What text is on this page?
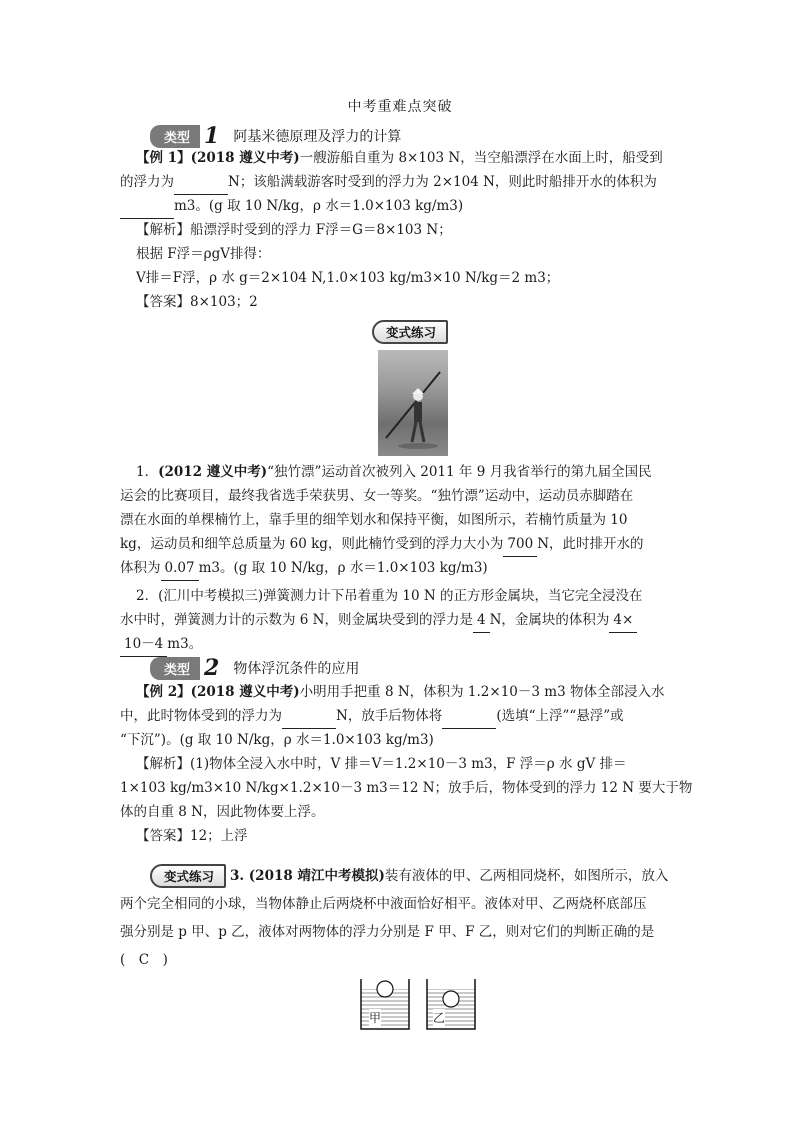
中考重难点突破
类型 1 阿基米德原理及浮力的计算
【例 1】(2018 遵义中考)一艘游船自重为 8×103 N，当空船漂浮在水面上时，船受到
的浮力为	N；该船满载游客时受到的浮力为 2×104 N，则此时船排开水的体积为
m3。(g 取 10 N/kg，ρ 水＝1.0×103 kg/m3)
【解析】船漂浮时受到的浮力 F浮＝G＝8×103 N；
根据 F浮＝ρgV排得：
V排＝F浮，ρ 水 g＝2×104 N,1.0×103 kg/m3×10 N/kg＝2 m3；
【答案】8×103；2
变式练习
1．(2012 遵义中考)“独竹漂”运动首次被列入 2011 年 9 月我省举行的第九届全国民
运会的比赛项目，最终我省选手荣获男、女一等奖。“独竹漂”运动中，运动员赤脚踏在
漂在水面的单棵楠竹上，靠手里的细竿划水和保持平衡，如图所示，若楠竹质量为 10
kg，运动员和细竿总质量为 60 kg，则此楠竹受到的浮力大小为 700 N，此时排开水的
体积为 0.07 m3。(g 取 10 N/kg，ρ 水＝1.0×103 kg/m3)
2．(汇川中考模拟三)弹簧测力计下吊着重为 10 N 的正方形金属块，当它完全浸没在
水中时，弹簧测力计的示数为 6 N，则金属块受到的浮力是 4 N，金属块的体积为 4×
10－4 m3。
类型 2 物体浮沉条件的应用
【例 2】(2018 遵义中考)小明用手把重 8 N，体积为 1.2×10－3 m3 物体全部浸入水
中，此时物体受到的浮力为	N，放手后物体将	(选填“上浮”“悬浮”或
“下沉”)。(g 取 10 N/kg，ρ 水＝1.0×103 kg/m3)
【解析】(1)物体全浸入水中时，V 排＝V＝1.2×10－3 m3，F 浮＝ρ 水 gV 排＝
1×103 kg/m3×10 N/kg×1.2×10－3 m3＝12 N；放手后，物体受到的浮力 12 N 要大于物
体的自重 8 N，因此物体要上浮。
【答案】12；上浮
变式练习	3. (2018 靖江中考模拟)装有液体的甲、乙两相同烧杯，如图所示，放入
两个完全相同的小球，当物体静止后两烧杯中液面恰好相平。液体对甲、乙两烧杯底部压
强分别是 p 甲、p 乙，液体对两物体的浮力分别是 F 甲、F 乙，则对它们的判断正确的是
(　C　)
甲	乙
